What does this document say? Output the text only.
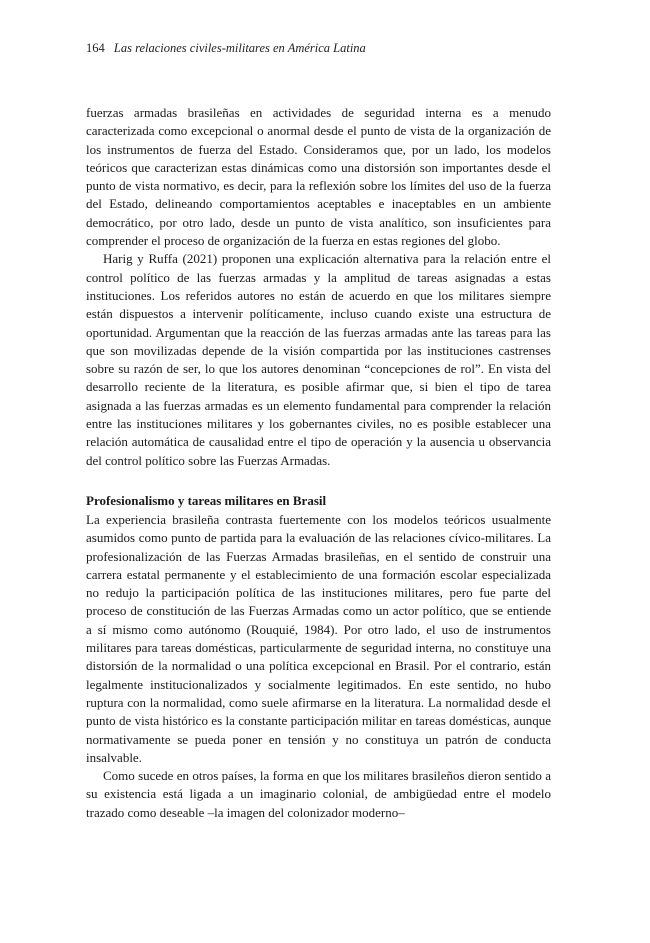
164 Las relaciones civiles-militares en América Latina

fuerzas armadas brasileñas en actividades de seguridad interna es a menudo caracterizada como excepcional o anormal desde el punto de vista de la organización de los instrumentos de fuerza del Estado. Consideramos que, por un lado, los modelos teóricos que caracterizan estas dinámicas como una distorsión son importantes desde el punto de vista normativo, es decir, para la reflexión sobre los límites del uso de la fuerza del Estado, delineando comportamientos aceptables e inaceptables en un ambiente democrático, por otro lado, desde un punto de vista analítico, son insuficientes para comprender el proceso de organización de la fuerza en estas regiones del globo.

Harig y Ruffa (2021) proponen una explicación alternativa para la relación entre el control político de las fuerzas armadas y la amplitud de tareas asignadas a estas instituciones. Los referidos autores no están de acuerdo en que los militares siempre están dispuestos a intervenir políticamente, incluso cuando existe una estructura de oportunidad. Argumentan que la reacción de las fuerzas armadas ante las tareas para las que son movilizadas depende de la visión compartida por las instituciones castrenses sobre su razón de ser, lo que los autores denominan “concepciones de rol”. En vista del desarrollo reciente de la literatura, es posible afirmar que, si bien el tipo de tarea asignada a las fuerzas armadas es un elemento fundamental para comprender la relación entre las instituciones militares y los gobernantes civiles, no es posible establecer una relación automática de causalidad entre el tipo de operación y la ausencia u observancia del control político sobre las Fuerzas Armadas.

Profesionalismo y tareas militares en Brasil

La experiencia brasileña contrasta fuertemente con los modelos teóricos usualmente asumidos como punto de partida para la evaluación de las relaciones cívico-militares. La profesionalización de las Fuerzas Armadas brasileñas, en el sentido de construir una carrera estatal permanente y el establecimiento de una formación escolar especializada no redujo la participación política de las instituciones militares, pero fue parte del proceso de constitución de las Fuerzas Armadas como un actor político, que se entiende a sí mismo como autónomo (Rouquié, 1984). Por otro lado, el uso de instrumentos militares para tareas domésticas, particularmente de seguridad interna, no constituye una distorsión de la normalidad o una política excepcional en Brasil. Por el contrario, están legalmente institucionalizados y socialmente legitimados. En este sentido, no hubo ruptura con la normalidad, como suele afirmarse en la literatura. La normalidad desde el punto de vista histórico es la constante participación militar en tareas domésticas, aunque normativamente se pueda poner en tensión y no constituya un patrón de conducta insalvable.

Como sucede en otros países, la forma en que los militares brasileños dieron sentido a su existencia está ligada a un imaginario colonial, de ambigüedad entre el modelo trazado como deseable –la imagen del colonizador moderno–
